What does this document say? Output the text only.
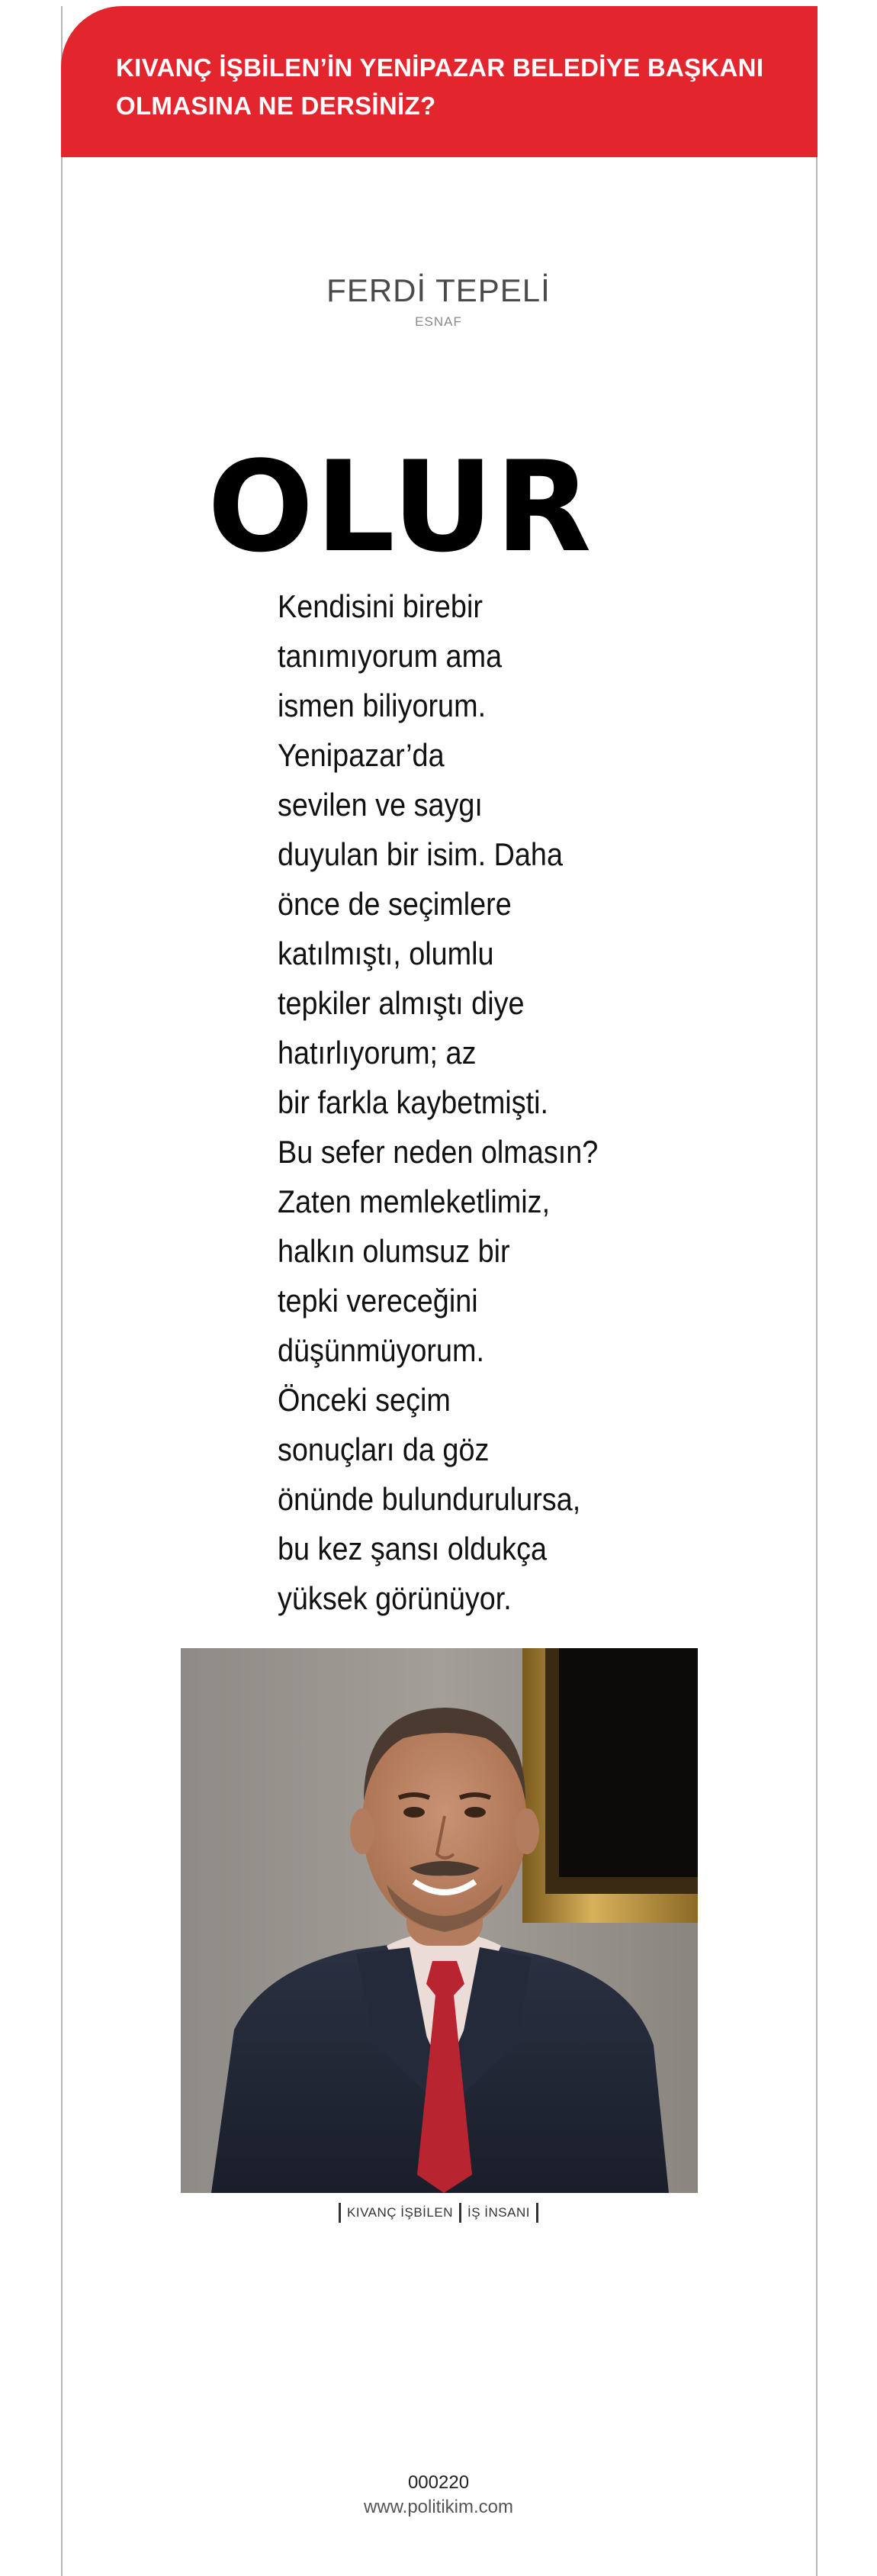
KIVANÇ İŞBİLEN’İN YENİPAZAR BELEDİYE BAŞKANI
OLMASINA NE DERSİNİZ?

FERDİ TEPELİ
ESNAF
OLUR

Kendisini birebir
tanımıyorum ama
ismen biliyorum.
Yenipazar’da
sevilen ve saygı
duyulan bir isim. Daha
önce de seçimlere
katılmıştı, olumlu
tepkiler almıştı diye
hatırlıyorum; az
bir farkla kaybetmişti.
Bu sefer neden olmasın?
Zaten memleketlimiz,
halkın olumsuz bir
tepki vereceğini
düşünmüyorum.
Önceki seçim
sonuçları da göz
önünde bulundurulursa,
bu kez şansı oldukça
yüksek görünüyor.

KIVANÇ İŞBİLEN İŞ İNSANI
000220
www.politikim.com
